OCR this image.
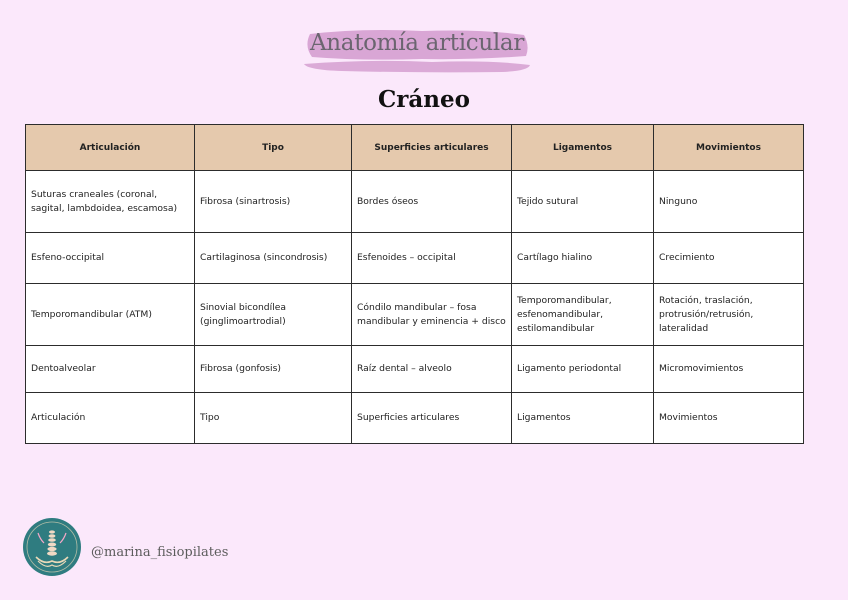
Anatomía articular
Cráneo
Articulación	Tipo	Superficies articulares	Ligamentos	Movimientos
Suturas craneales (coronal, sagital, lambdoidea, escamosa)	Fibrosa (sinartrosis)	Bordes óseos	Tejido sutural	Ninguno
Esfeno-occipital	Cartilaginosa (sincondrosis)	Esfenoides – occipital	Cartílago hialino	Crecimiento
Temporomandibular (ATM)	Sinovial bicondílea (ginglimoartrodial)	Cóndilo mandibular – fosa mandibular y eminencia + disco	Temporomandibular, esfenomandibular, estilomandibular	Rotación, traslación, protrusión/retrusión, lateralidad
Dentoalveolar	Fibrosa (gonfosis)	Raíz dental – alveolo	Ligamento periodontal	Micromovimientos
Articulación	Tipo	Superficies articulares	Ligamentos	Movimientos
@marina_fisiopilates
